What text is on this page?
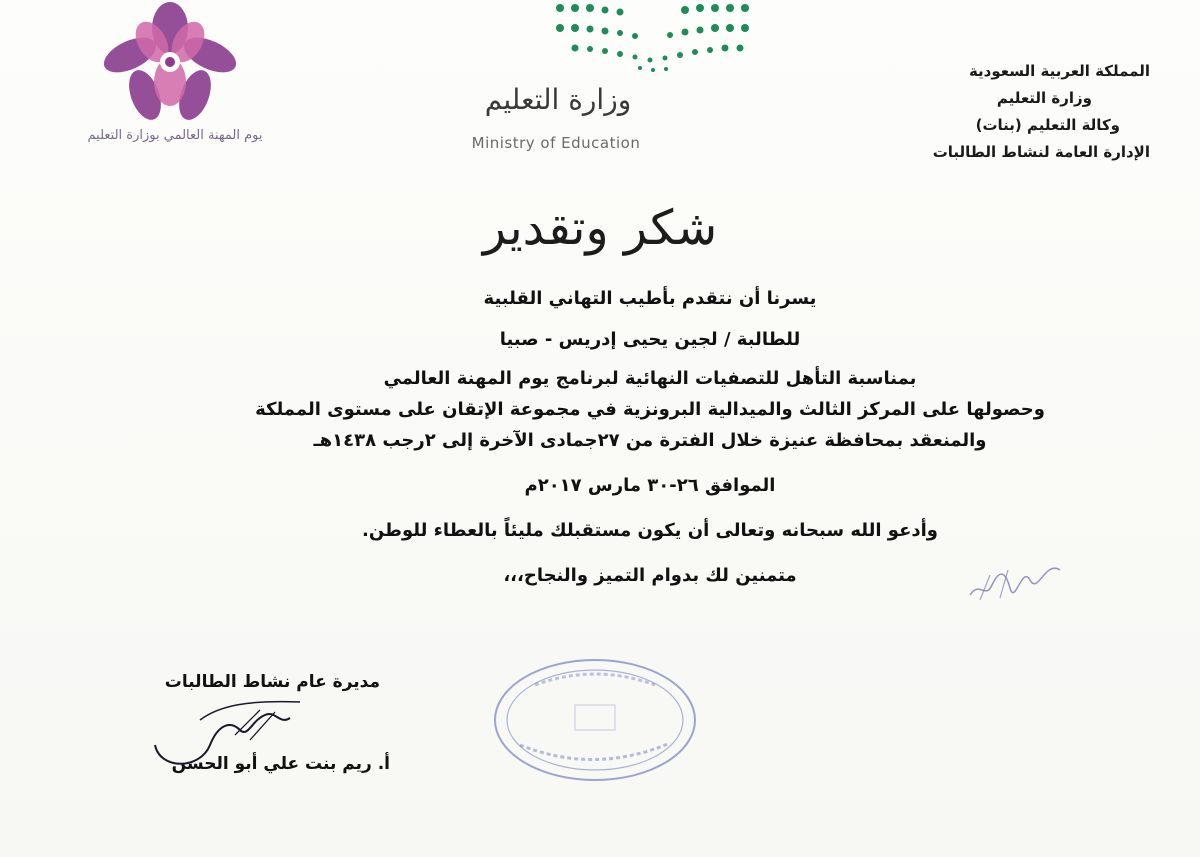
يوم المهنة العالمي بوزارة التعليم
وزارة التعليم
Ministry of Education
المملكة العربية السعودية
وزارة التعليم
وكالة التعليم (بنات)
الإدارة العامة لنشاط الطالبات
شكر وتقدير
يسرنا أن نتقدم بأطيب التهاني القلبية
للطالبة / لجين يحيى إدريس - صبيا
بمناسبة التأهل للتصفيات النهائية لبرنامج يوم المهنة العالمي
وحصولها على المركز الثالث والميدالية البرونزية في مجموعة الإتقان على مستوى المملكة
والمنعقد بمحافظة عنيزة خلال الفترة من ٢٧جمادى الآخرة إلى ٢رجب ١٤٣٨هـ
الموافق ٢٦-٣٠ مارس ٢٠١٧م
وأدعو الله سبحانه وتعالى أن يكون مستقبلك مليئاً بالعطاء للوطن.
متمنين لك بدوام التميز والنجاح،،،
مديرة عام نشاط الطالبات
أ. ريم بنت علي أبو الحسن
